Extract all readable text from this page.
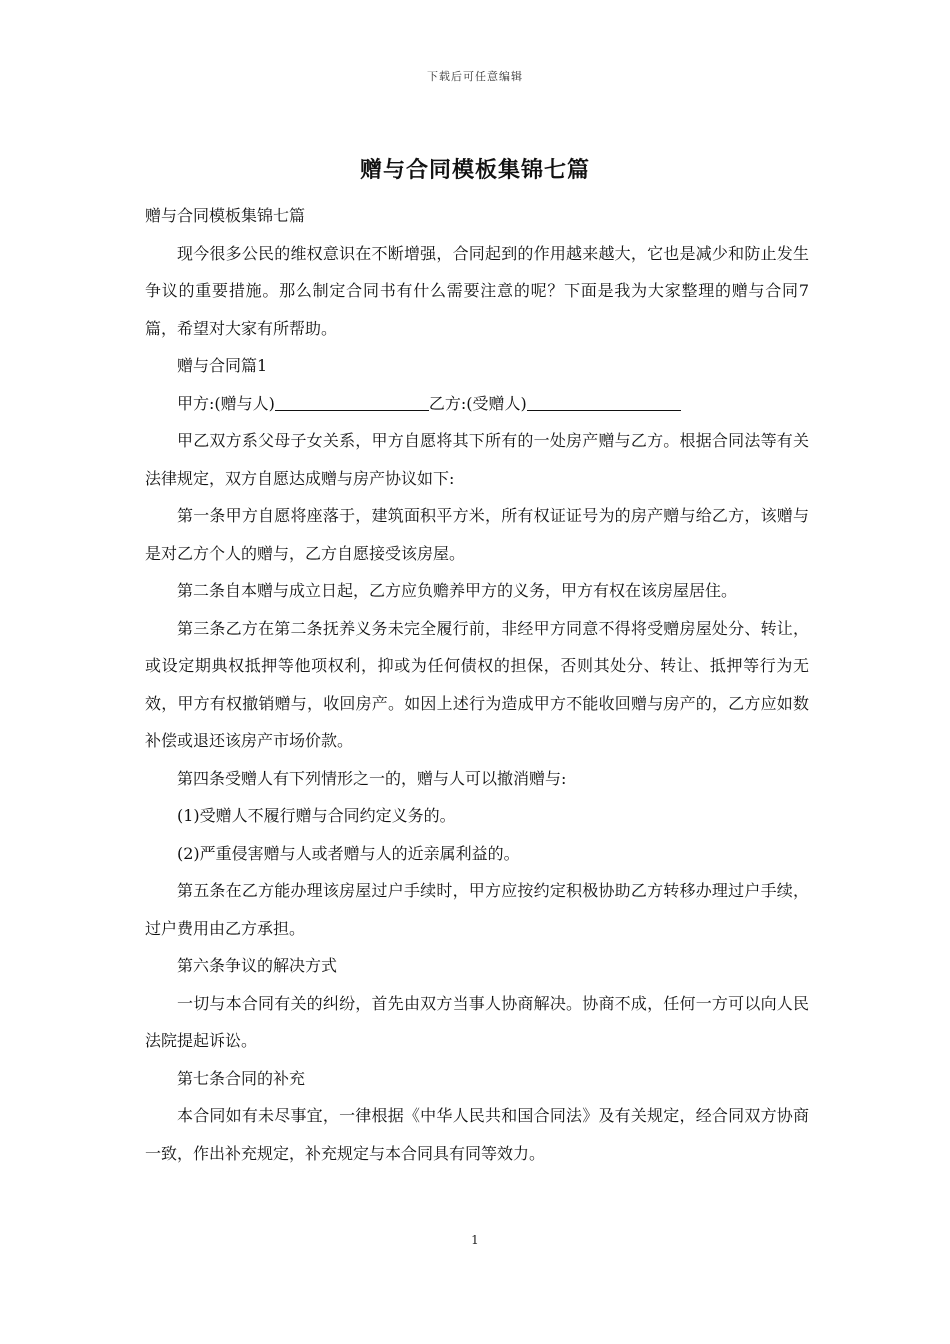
下载后可任意编辑
赠与合同模板集锦七篇

赠与合同模板集锦七篇

现今很多公民的维权意识在不断增强，合同起到的作用越来越大，它也是减少和防止发生争议的重要措施。那么制定合同书有什么需要注意的呢？下面是我为大家整理的赠与合同7篇，希望对大家有所帮助。

赠与合同篇1

甲方:(赠与人)	乙方:(受赠人)

甲乙双方系父母子女关系，甲方自愿将其下所有的一处房产赠与乙方。根据合同法等有关法律规定，双方自愿达成赠与房产协议如下:

第一条甲方自愿将座落于，建筑面积平方米，所有权证证号为的房产赠与给乙方，该赠与是对乙方个人的赠与，乙方自愿接受该房屋。

第二条自本赠与成立日起，乙方应负赡养甲方的义务，甲方有权在该房屋居住。

第三条乙方在第二条抚养义务未完全履行前，非经甲方同意不得将受赠房屋处分、转让，或设定期典权抵押等他项权利，抑或为任何债权的担保，否则其处分、转让、抵押等行为无效，甲方有权撤销赠与，收回房产。如因上述行为造成甲方不能收回赠与房产的，乙方应如数补偿或退还该房产市场价款。

第四条受赠人有下列情形之一的，赠与人可以撤消赠与:

(1)受赠人不履行赠与合同约定义务的。

(2)严重侵害赠与人或者赠与人的近亲属利益的。

第五条在乙方能办理该房屋过户手续时，甲方应按约定积极协助乙方转移办理过户手续，过户费用由乙方承担。

第六条争议的解决方式

一切与本合同有关的纠纷，首先由双方当事人协商解决。协商不成，任何一方可以向人民法院提起诉讼。

第七条合同的补充

本合同如有未尽事宜，一律根据《中华人民共和国合同法》及有关规定，经合同双方协商一致，作出补充规定，补充规定与本合同具有同等效力。

1
